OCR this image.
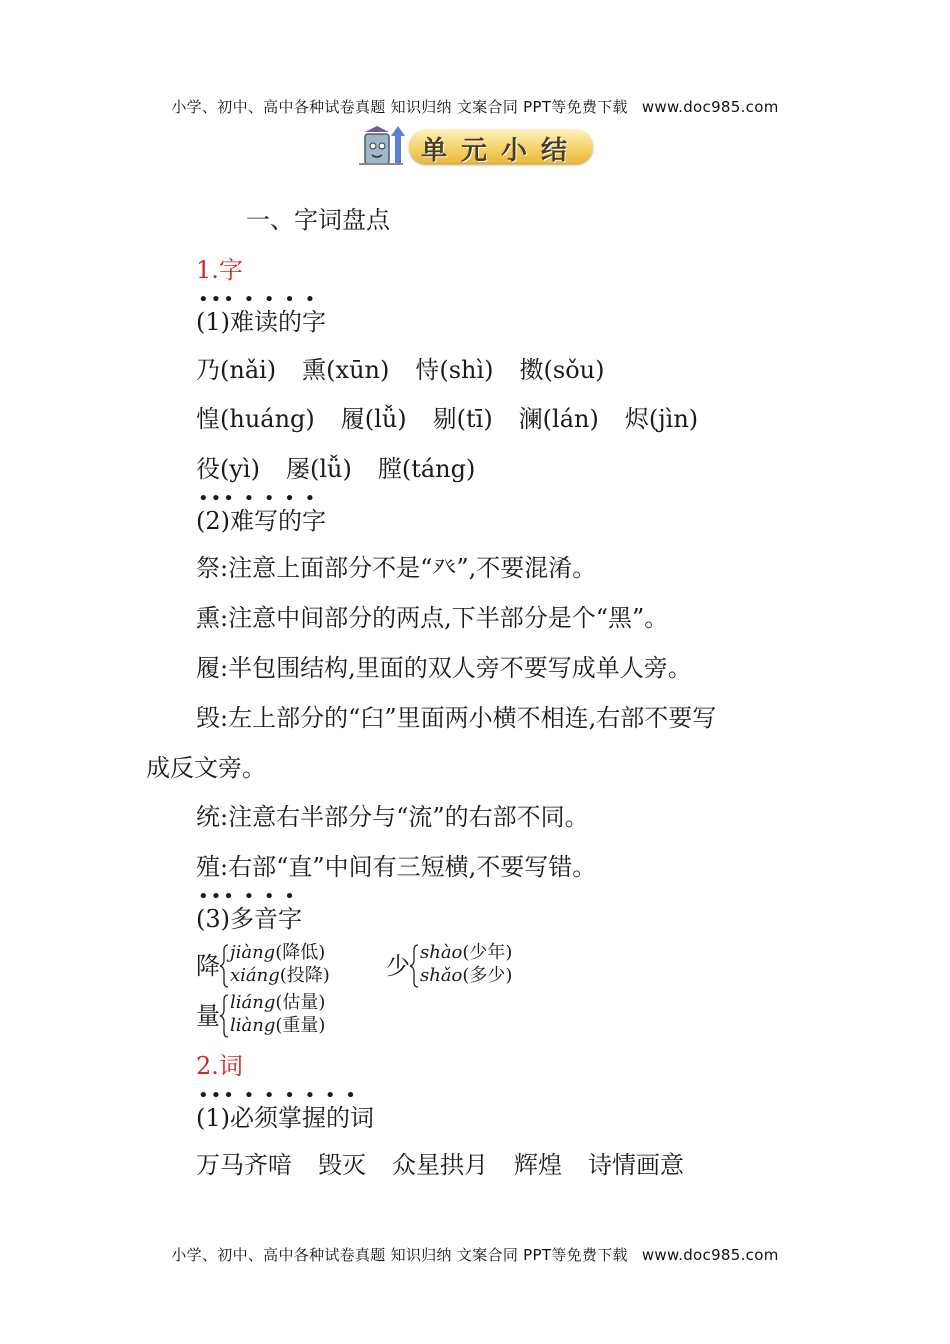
小学、初中、高中各种试卷真题 知识归纳 文案合同 PPT等免费下载 www.doc985.com
单元小结
一、字词盘点
1.字
••• • • • •
(1)难读的字
乃(nǎi) 熏(xūn) 恃(shì) 擞(sǒu)
惶(huáng) 履(lǚ) 剔(tī) 澜(lán) 烬(jìn)
役(yì) 屡(lǚ) 膛(táng)
••• • • • •
(2)难写的字
祭:注意上面部分不是“癶”,不要混淆。
熏:注意中间部分的两点,下半部分是个“黑”。
履:半包围结构,里面的双人旁不要写成单人旁。
毁:左上部分的“臼”里面两小横不相连,右部不要写
成反文旁。
统:注意右半部分与“流”的右部不同。
殖:右部“直”中间有三短横,不要写错。
••• • • •
(3)多音字
降 jiàng(降低)
xiáng(投降) 少 shào(少年)
shǎo(多少)
量 liáng(估量)
liàng(重量)
2.词
••• • • • • • •
(1)必须掌握的词
万马齐喑 毁灭 众星拱月 辉煌 诗情画意
小学、初中、高中各种试卷真题 知识归纳 文案合同 PPT等免费下载 www.doc985.com
